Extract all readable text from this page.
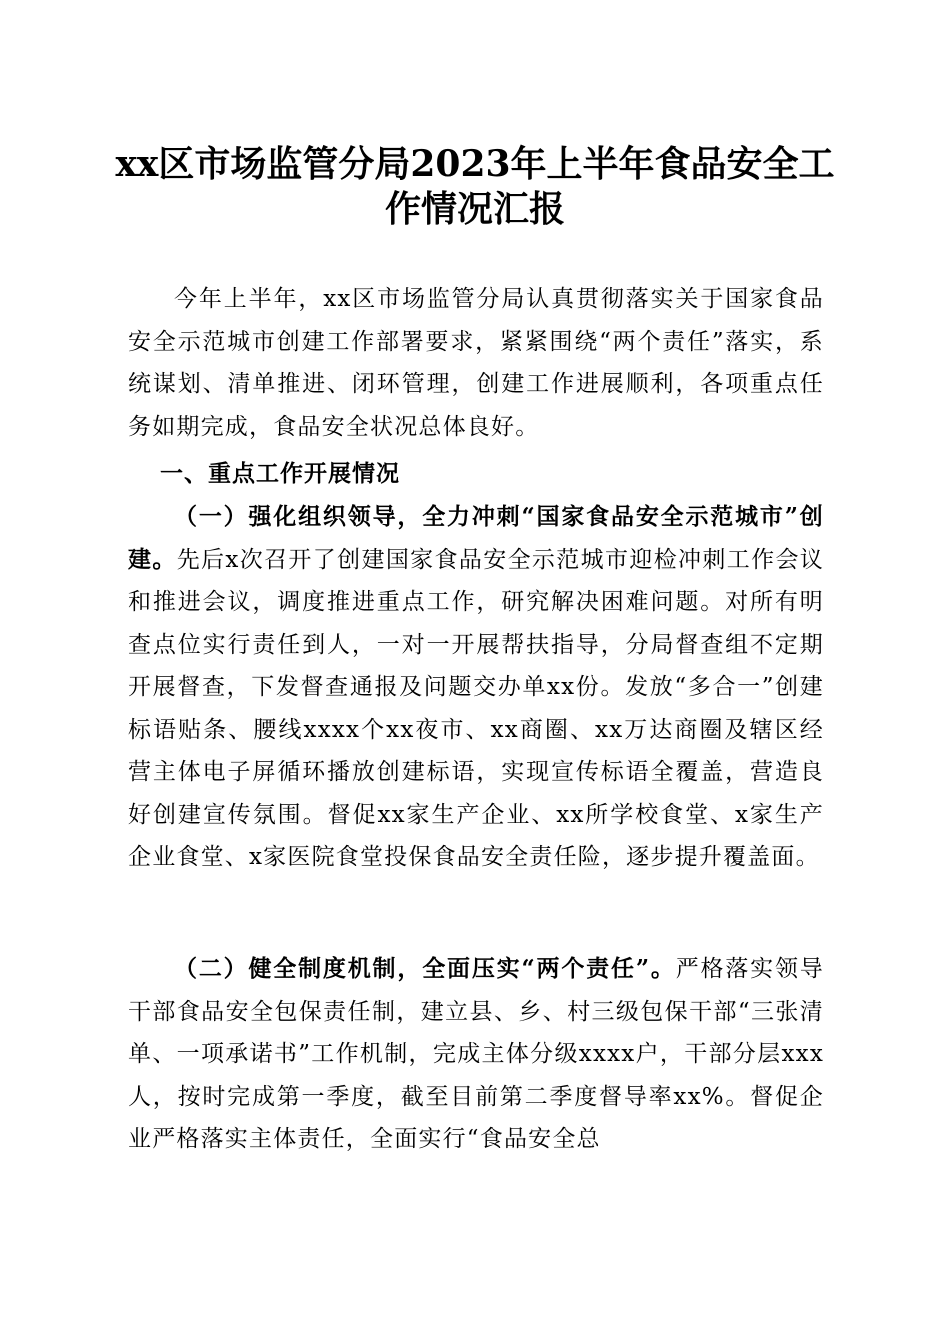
xx区市场监管分局2023年上半年食品安全工
作情况汇报

今年上半年，xx区市场监管分局认真贯彻落实关于国家食品安全示范城市创建工作部署要求，紧紧围绕“两个责任”落实，系统谋划、清单推进、闭环管理，创建工作进展顺利，各项重点任务如期完成，食品安全状况总体良好。

一、重点工作开展情况

（一）强化组织领导，全力冲刺“国家食品安全示范城市”创建。先后x次召开了创建国家食品安全示范城市迎检冲刺工作会议和推进会议，调度推进重点工作，研究解决困难问题。对所有明查点位实行责任到人，一对一开展帮扶指导，分局督查组不定期开展督查，下发督查通报及问题交办单xx份。发放“多合一”创建标语贴条、腰线xxxx个xx夜市、xx商圈、xx万达商圈及辖区经营主体电子屏循环播放创建标语，实现宣传标语全覆盖，营造良好创建宣传氛围。督促xx家生产企业、xx所学校食堂、x家生产企业食堂、x家医院食堂投保食品安全责任险，逐步提升覆盖面。

（二）健全制度机制，全面压实“两个责任”。严格落实领导干部食品安全包保责任制，建立县、乡、村三级包保干部“三张清单、一项承诺书”工作机制，完成主体分级xxxx户，干部分层xxx人，按时完成第一季度，截至目前第二季度督导率xx%。督促企业严格落实主体责任，全面实行“食品安全总
